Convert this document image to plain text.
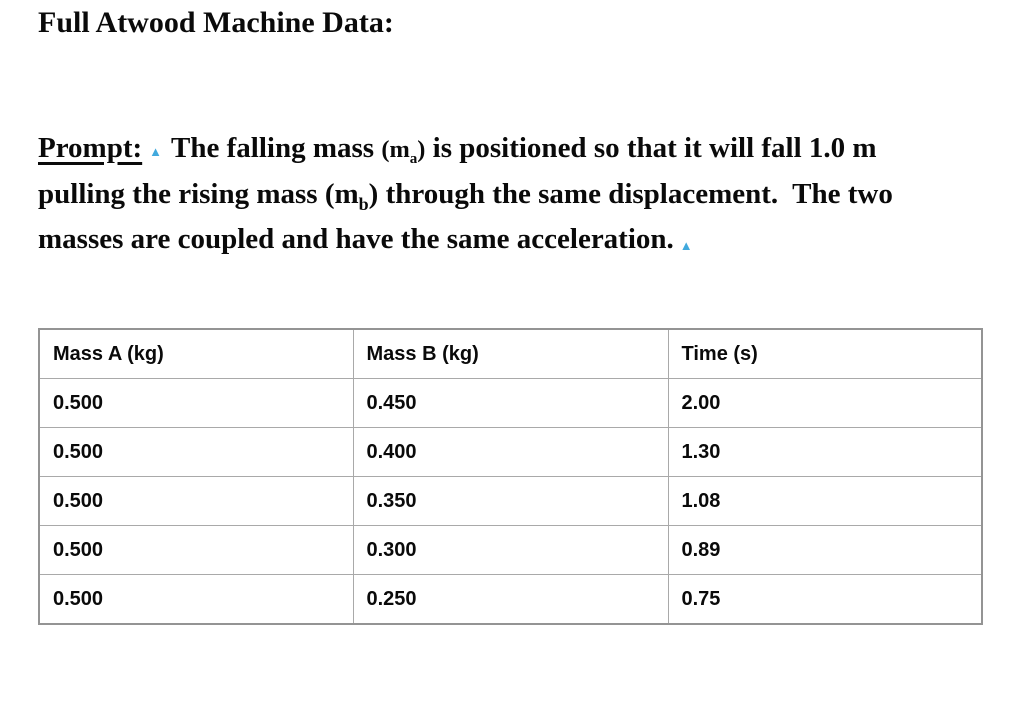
Full Atwood Machine Data:

Prompt: ▲ The falling mass $(m_a)$ is positioned so that it will fall 1.0 m pulling the rising mass $(m_b)$ through the same displacement.  The two masses are coupled and have the same acceleration. ▲

Mass A (kg)	Mass B (kg)	Time (s)
0.500	0.450	2.00
0.500	0.400	1.30
0.500	0.350	1.08
0.500	0.300	0.89
0.500	0.250	0.75
